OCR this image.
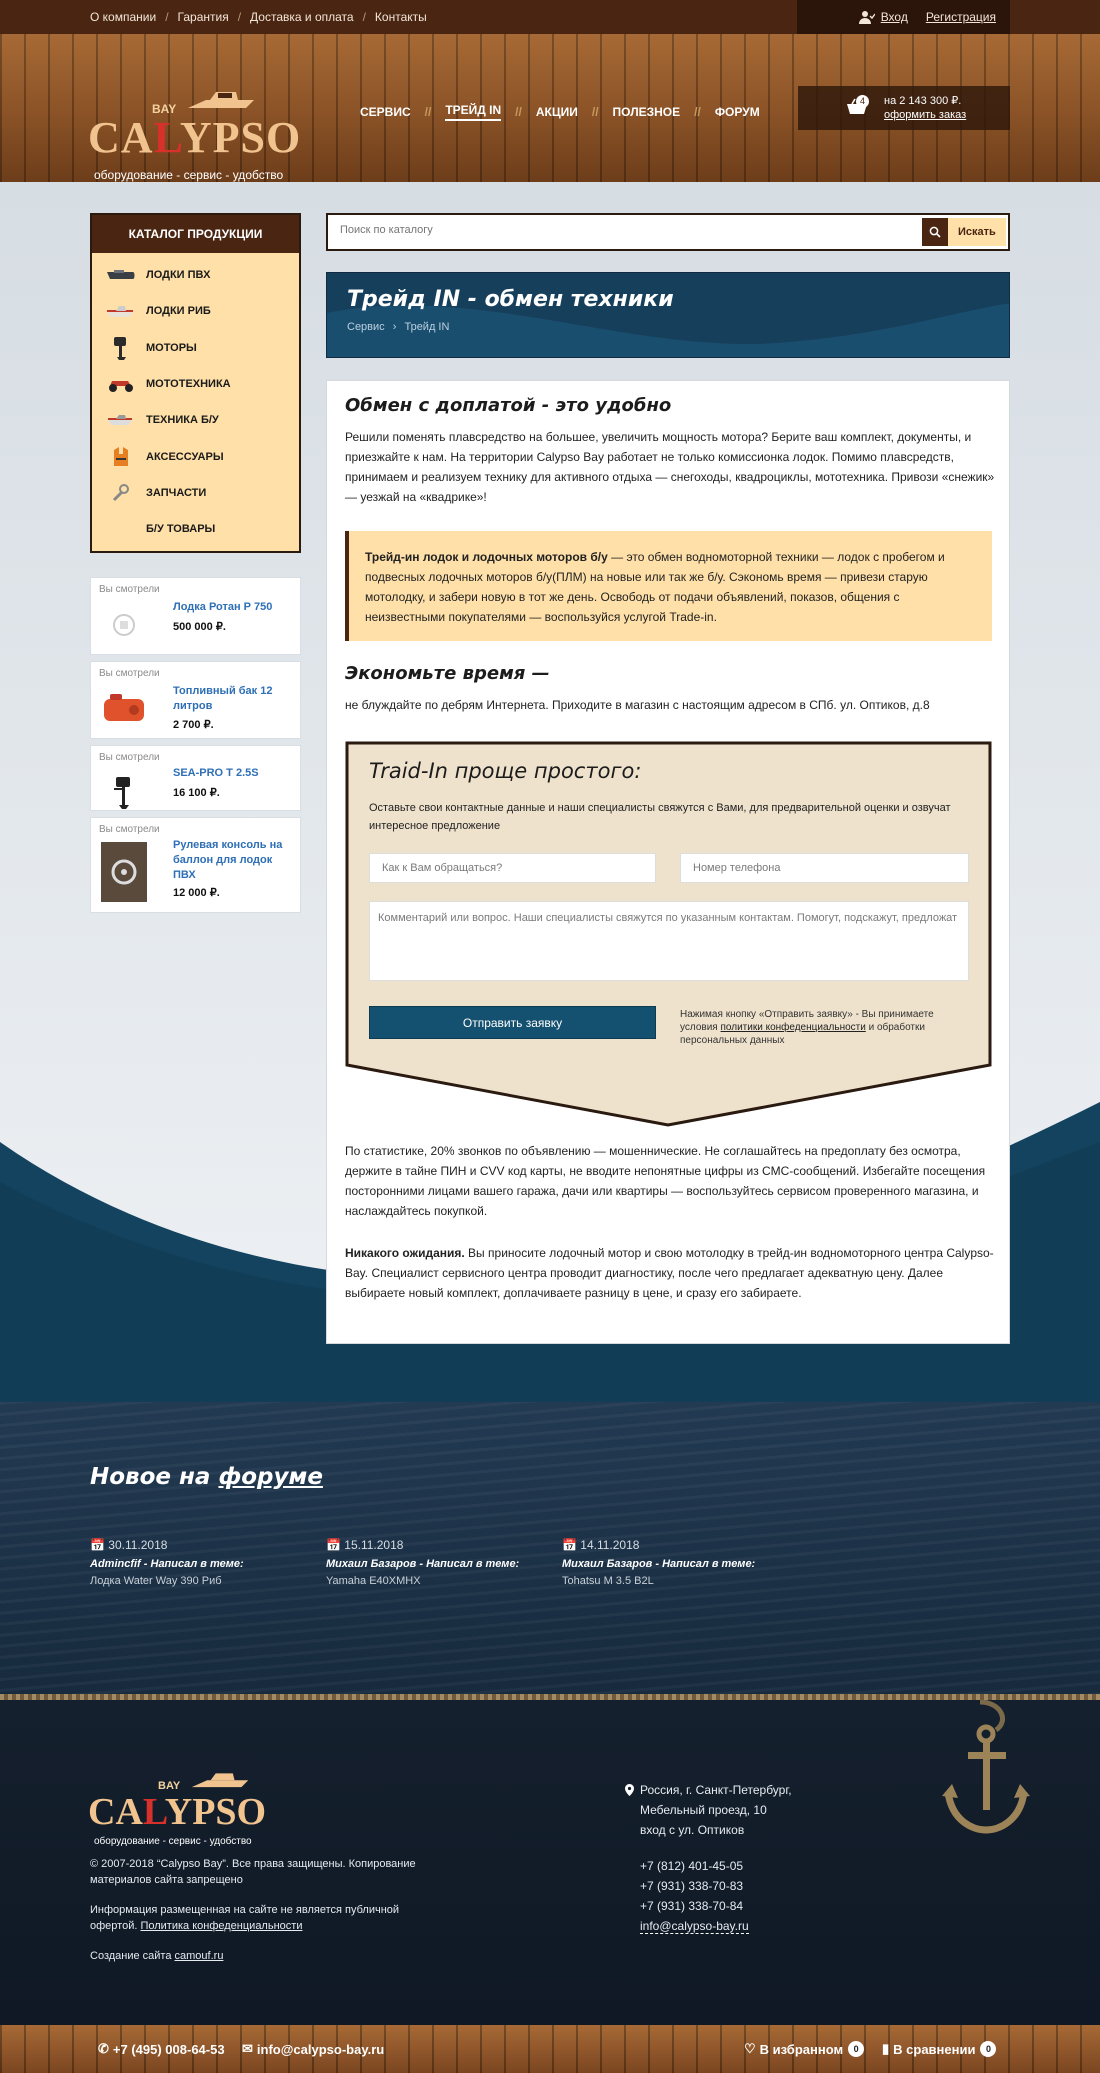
О компании / Гарантия / Доставка и оплата / Контакты	Вход Регистрация
BAY
CALYPSO
оборудование - сервис - удобство
СЕРВИС // ТРЕЙД IN // АКЦИИ // ПОЛЕЗНОЕ // ФОРУМ
4	на 2 143 300 ₽.
оформить заказ
КАТАЛОГ ПРОДУКЦИИ
ЛОДКИ ПВХ
ЛОДКИ РИБ
МОТОРЫ
МОТОТЕХНИКА
ТЕХНИКА Б/У
АКСЕССУАРЫ
ЗАПЧАСТИ
Б/У ТОВАРЫ
Вы смотрели
Лодка Ротан Р 750
500 000 ₽.
Вы смотрели
Топливный бак 12 литров
2 700 ₽.
Вы смотрели
SEA-PRO T 2.5S
16 100 ₽.
Вы смотрели
Рулевая консоль на баллон для лодок ПВХ
12 000 ₽.
Поиск по каталогу
Искать
Трейд IN - обмен техники
Сервис › Трейд IN
Обмен с доплатой - это удобно

Решили поменять плавсредство на большее, увеличить мощность мотора? Берите ваш комплект, документы, и приезжайте к нам. На территории Calypso Bay работает не только комиссионка лодок. Помимо плавсредств, принимаем и реализуем технику для активного отдыха — снегоходы, квадроциклы, мототехника. Привози «снежик» — уезжай на «квадрике»!

Трейд-ин лодок и лодочных моторов б/у — это обмен водномоторной техники — лодок с пробегом и подвесных лодочных моторов б/у(ПЛМ) на новые или так же б/у. Сэкономь время — привези старую мотолодку, и забери новую в тот же день. Освободь от подачи объявлений, показов, общения с неизвестными покупателями — воспользуйся услугой Trade-in.
Экономьте время —

не блуждайте по дебрям Интернета. Приходите в магазин с настоящим адресом в СПб. ул. Оптиков, д.8

Traid-In проще простого:
Оставьте свои контактные данные и наши специалисты свяжутся с Вами, для предварительной оценки и озвучат интересное предложение
Как к Вам обращаться?	Номер телефона
Комментарий или вопрос. Наши специалисты свяжутся по указанным контактам. Помогут, подскажут, предложат
Отправить заявку
Нажимая кнопку «Отправить заявку» - Вы принимаете условия политики конфеденциальности и обработки персональных данных

По статистике, 20% звонков по объявлению — мошеннические. Не соглашайтесь на предоплату без осмотра, держите в тайне ПИН и CVV код карты, не вводите непонятные цифры из СМС-сообщений. Избегайте посещения посторонними лицами вашего гаража, дачи или квартиры — воспользуйтесь сервисом проверенного магазина, и наслаждайтесь покупкой.

Никакого ожидания. Вы приносите лодочный мотор и свою мотолодку в трейд-ин водномоторного центра Calypso-Bay. Специалист сервисного центра проводит диагностику, после чего предлагает адекватную цену. Далее выбираете новый комплект, доплачиваете разницу в цене, и сразу его забираете.

Новое на форуме
📅 30.11.2018
Admincfif - Написал в теме:
Лодка Water Way 390 Риб
📅 15.11.2018
Михаил Базаров - Написал в теме:
Yamaha E40XMHX
📅 14.11.2018
Михаил Базаров - Написал в теме:
Tohatsu M 3.5 B2L
BAY
CALYPSO
оборудование - сервис - удобство
© 2007-2018 “Calypso Bay”. Все права защищены. Копирование материалов сайта запрещено
Информация размещенная на сайте не является публичной офертой. Политика конфеденциальности
Создание сайта camouf.ru
Россия, г. Санкт-Петербург,
Мебельный проезд, 10
вход с ул. Оптиков
+7 (812) 401-45-05
+7 (931) 338-70-83
+7 (931) 338-70-84
info@calypso-bay.ru
✆ +7 (495) 008-64-53 ✉ info@calypso-bay.ru	♡ В избранном	0	▮ В сравнении	0
